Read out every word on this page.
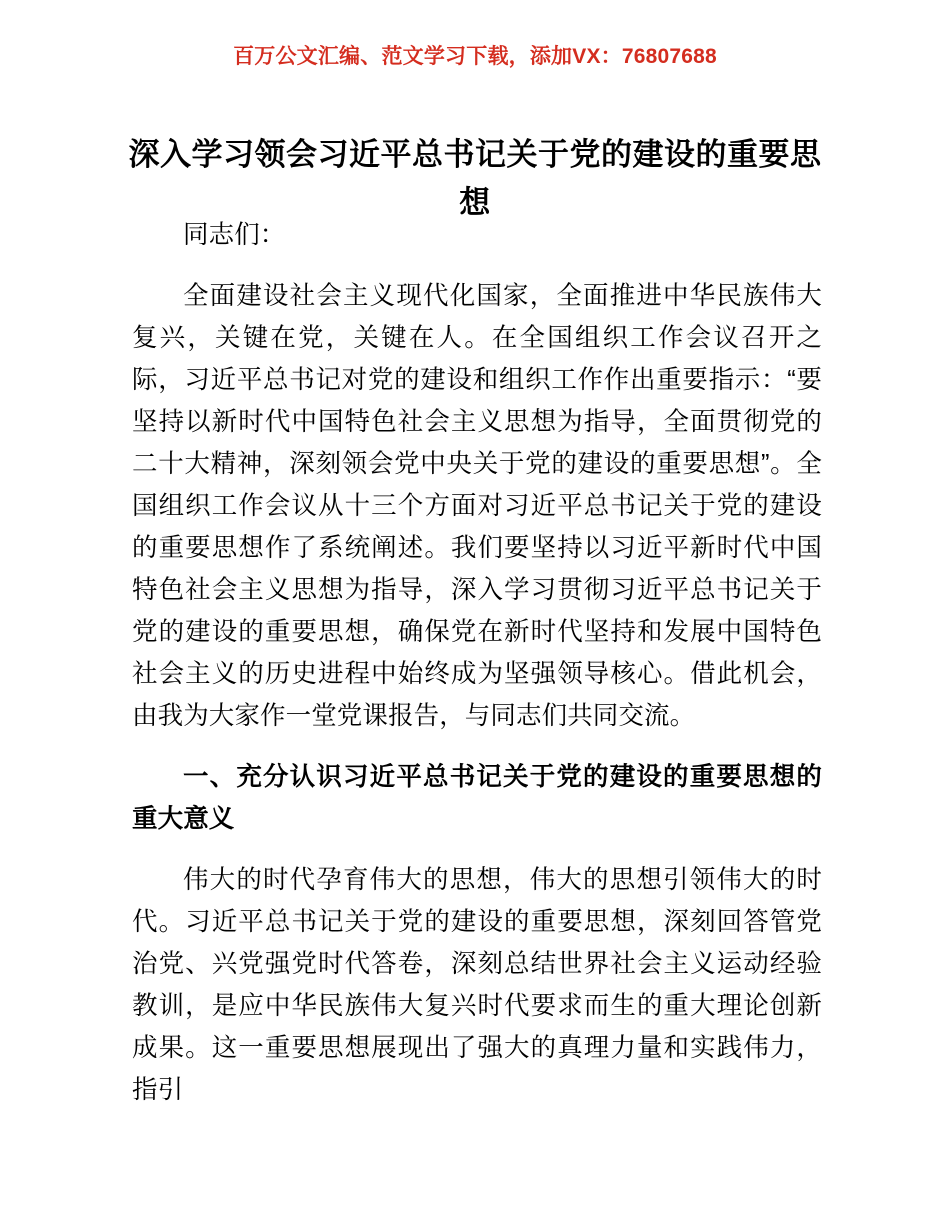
百万公文汇编、范文学习下载，添加VX：76807688
深入学习领会习近平总书记关于党的建设的重要思想

同志们：

全面建设社会主义现代化国家，全面推进中华民族伟大复兴，关键在党，关键在人。在全国组织工作会议召开之际，习近平总书记对党的建设和组织工作作出重要指示：“要坚持以新时代中国特色社会主义思想为指导，全面贯彻党的二十大精神，深刻领会党中央关于党的建设的重要思想”。全国组织工作会议从十三个方面对习近平总书记关于党的建设的重要思想作了系统阐述。我们要坚持以习近平新时代中国特色社会主义思想为指导，深入学习贯彻习近平总书记关于党的建设的重要思想，确保党在新时代坚持和发展中国特色社会主义的历史进程中始终成为坚强领导核心。借此机会，由我为大家作一堂党课报告，与同志们共同交流。

一、充分认识习近平总书记关于党的建设的重要思想的重大意义

伟大的时代孕育伟大的思想，伟大的思想引领伟大的时代。习近平总书记关于党的建设的重要思想，深刻回答管党治党、兴党强党时代答卷，深刻总结世界社会主义运动经验教训，是应中华民族伟大复兴时代要求而生的重大理论创新成果。这一重要思想展现出了强大的真理力量和实践伟力，指引
